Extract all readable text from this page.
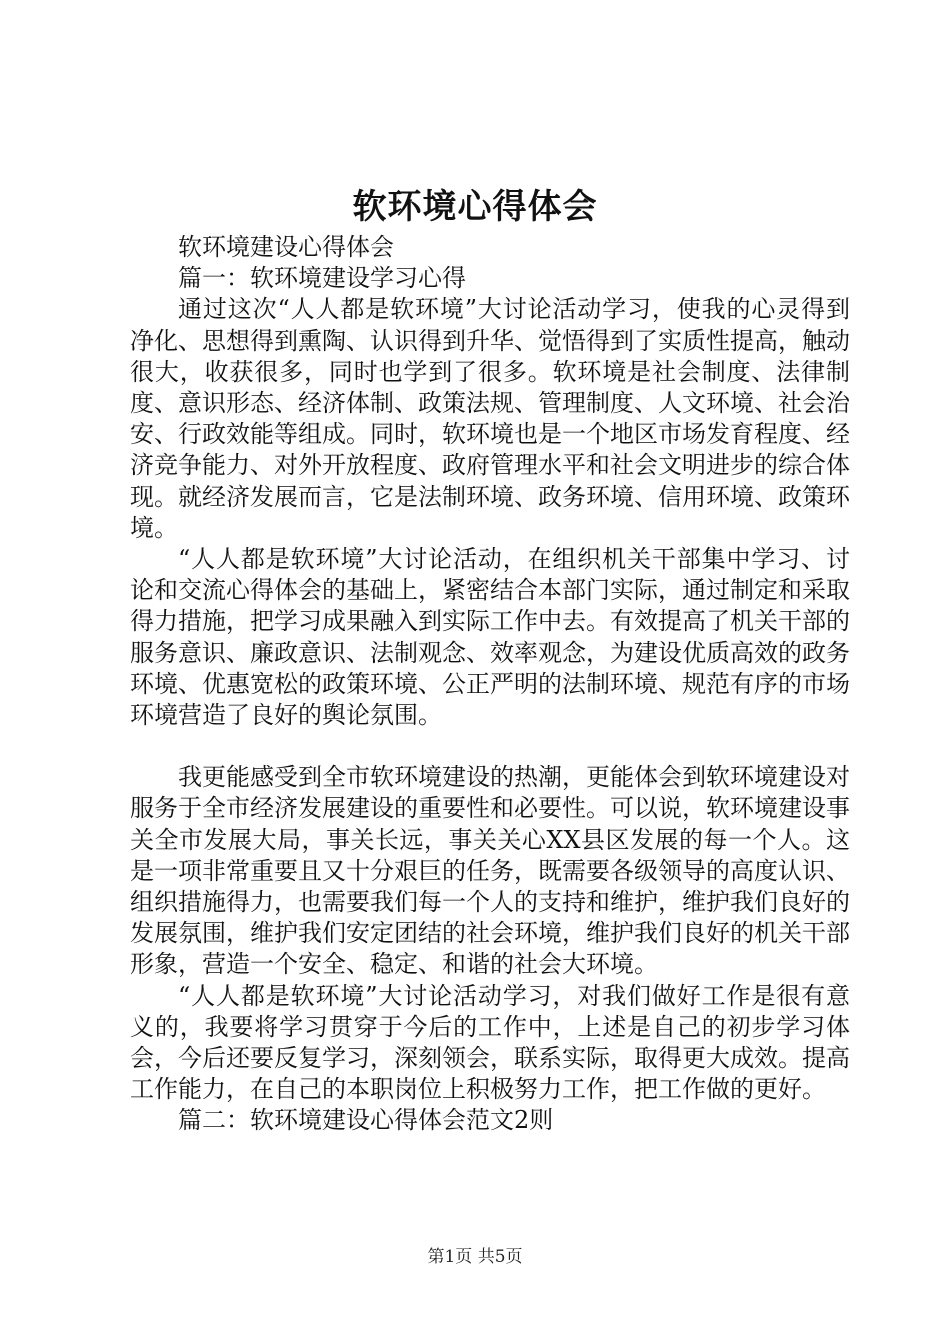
软环境心得体会

软环境建设心得体会

篇一：软环境建设学习心得

通过这次“人人都是软环境”大讨论活动学习，使我的心灵得到净化、思想得到熏陶、认识得到升华、觉悟得到了实质性提高，触动很大，收获很多，同时也学到了很多。软环境是社会制度、法律制度、意识形态、经济体制、政策法规、管理制度、人文环境、社会治安、行政效能等组成。同时，软环境也是一个地区市场发育程度、经济竞争能力、对外开放程度、政府管理水平和社会文明进步的综合体现。就经济发展而言，它是法制环境、政务环境、信用环境、政策环境。

“人人都是软环境”大讨论活动，在组织机关干部集中学习、讨论和交流心得体会的基础上，紧密结合本部门实际，通过制定和采取得力措施，把学习成果融入到实际工作中去。有效提高了机关干部的服务意识、廉政意识、法制观念、效率观念，为建设优质高效的政务环境、优惠宽松的政策环境、公正严明的法制环境、规范有序的市场环境营造了良好的舆论氛围。

我更能感受到全市软环境建设的热潮，更能体会到软环境建设对服务于全市经济发展建设的重要性和必要性。可以说，软环境建设事关全市发展大局，事关长远，事关关心XX县区发展的每一个人。这是一项非常重要且又十分艰巨的任务，既需要各级领导的高度认识、组织措施得力，也需要我们每一个人的支持和维护，维护我们良好的发展氛围，维护我们安定团结的社会环境，维护我们良好的机关干部形象，营造一个安全、稳定、和谐的社会大环境。

“人人都是软环境”大讨论活动学习，对我们做好工作是很有意义的，我要将学习贯穿于今后的工作中，上述是自己的初步学习体会，今后还要反复学习，深刻领会，联系实际，取得更大成效。提高工作能力，在自己的本职岗位上积极努力工作，把工作做的更好。

篇二：软环境建设心得体会范文2则

第1页 共5页
